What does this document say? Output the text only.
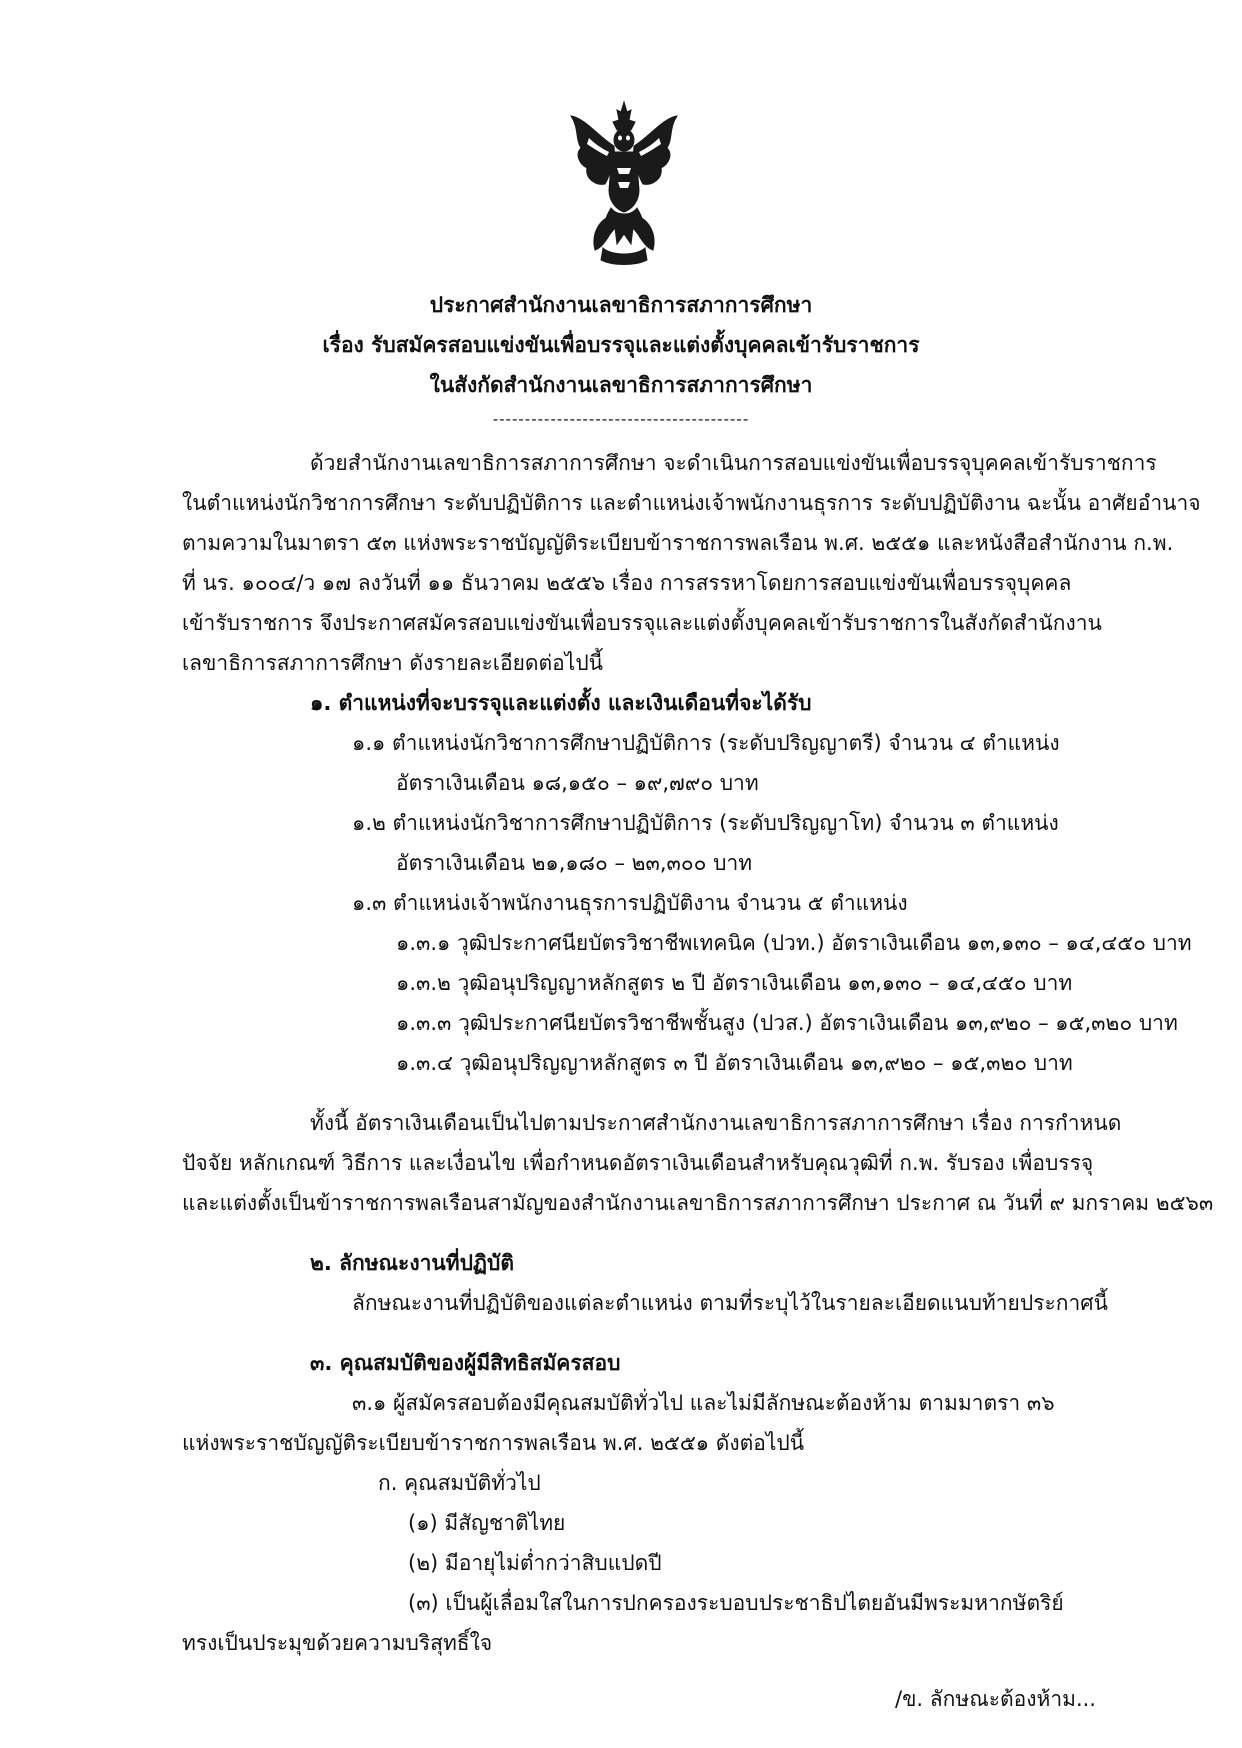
ประกาศสำนักงานเลขาธิการสภาการศึกษา
เรื่อง รับสมัครสอบแข่งขันเพื่อบรรจุและแต่งตั้งบุคคลเข้ารับราชการ
ในสังกัดสำนักงานเลขาธิการสภาการศึกษา
----------------------------------------
ด้วยสำนักงานเลขาธิการสภาการศึกษา จะดำเนินการสอบแข่งขันเพื่อบรรจุบุคคลเข้ารับราชการ
ในตำแหน่งนักวิชาการศึกษา ระดับปฏิบัติการ และตำแหน่งเจ้าพนักงานธุรการ ระดับปฏิบัติงาน ฉะนั้น อาศัยอำนาจ
ตามความในมาตรา ๕๓ แห่งพระราชบัญญัติระเบียบข้าราชการพลเรือน พ.ศ. ๒๕๕๑ และหนังสือสำนักงาน ก.พ.
ที่ นร. ๑๐๐๔/ว ๑๗ ลงวันที่ ๑๑ ธันวาคม ๒๕๕๖ เรื่อง การสรรหาโดยการสอบแข่งขันเพื่อบรรจุบุคคล
เข้ารับราชการ จึงประกาศสมัครสอบแข่งขันเพื่อบรรจุและแต่งตั้งบุคคลเข้ารับราชการในสังกัดสำนักงาน
เลขาธิการสภาการศึกษา ดังรายละเอียดต่อไปนี้
๑. ตำแหน่งที่จะบรรจุและแต่งตั้ง และเงินเดือนที่จะได้รับ
๑.๑ ตำแหน่งนักวิชาการศึกษาปฏิบัติการ (ระดับปริญญาตรี) จำนวน ๔ ตำแหน่ง
อัตราเงินเดือน ๑๘,๑๕๐ – ๑๙,๗๙๐ บาท
๑.๒ ตำแหน่งนักวิชาการศึกษาปฏิบัติการ (ระดับปริญญาโท) จำนวน ๓ ตำแหน่ง
อัตราเงินเดือน ๒๑,๑๘๐ – ๒๓,๓๐๐ บาท
๑.๓ ตำแหน่งเจ้าพนักงานธุรการปฏิบัติงาน จำนวน ๕ ตำแหน่ง
๑.๓.๑ วุฒิประกาศนียบัตรวิชาชีพเทคนิค (ปวท.) อัตราเงินเดือน ๑๓,๑๓๐ – ๑๔,๔๕๐ บาท
๑.๓.๒ วุฒิอนุปริญญาหลักสูตร ๒ ปี อัตราเงินเดือน ๑๓,๑๓๐ – ๑๔,๔๕๐ บาท
๑.๓.๓ วุฒิประกาศนียบัตรวิชาชีพชั้นสูง (ปวส.) อัตราเงินเดือน ๑๓,๙๒๐ – ๑๕,๓๒๐ บาท
๑.๓.๔ วุฒิอนุปริญญาหลักสูตร ๓ ปี อัตราเงินเดือน ๑๓,๙๒๐ – ๑๕,๓๒๐ บาท
ทั้งนี้ อัตราเงินเดือนเป็นไปตามประกาศสำนักงานเลขาธิการสภาการศึกษา เรื่อง การกำหนด
ปัจจัย หลักเกณฑ์ วิธีการ และเงื่อนไข เพื่อกำหนดอัตราเงินเดือนสำหรับคุณวุฒิที่ ก.พ. รับรอง เพื่อบรรจุ
และแต่งตั้งเป็นข้าราชการพลเรือนสามัญของสำนักงานเลขาธิการสภาการศึกษา ประกาศ ณ วันที่ ๙ มกราคม ๒๕๖๓
๒. ลักษณะงานที่ปฏิบัติ
ลักษณะงานที่ปฏิบัติของแต่ละตำแหน่ง ตามที่ระบุไว้ในรายละเอียดแนบท้ายประกาศนี้
๓. คุณสมบัติของผู้มีสิทธิสมัครสอบ
๓.๑ ผู้สมัครสอบต้องมีคุณสมบัติทั่วไป และไม่มีลักษณะต้องห้าม ตามมาตรา ๓๖
แห่งพระราชบัญญัติระเบียบข้าราชการพลเรือน พ.ศ. ๒๕๕๑ ดังต่อไปนี้
ก. คุณสมบัติทั่วไป
(๑) มีสัญชาติไทย
(๒) มีอายุไม่ต่ำกว่าสิบแปดปี
(๓) เป็นผู้เลื่อมใสในการปกครองระบอบประชาธิปไตยอันมีพระมหากษัตริย์
ทรงเป็นประมุขด้วยความบริสุทธิ์ใจ
/ข. ลักษณะต้องห้าม...
